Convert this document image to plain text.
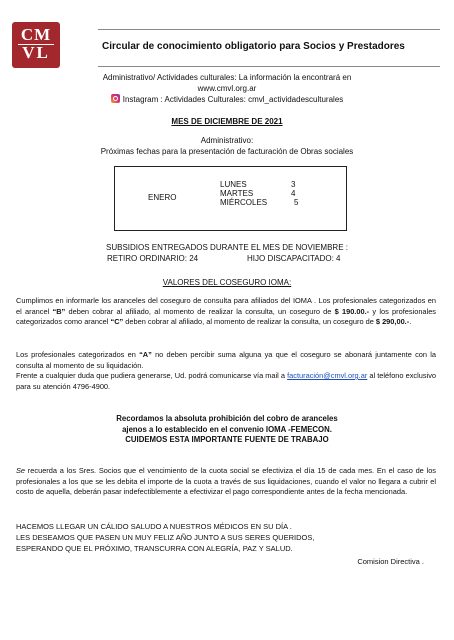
CM
VL	Circular de conocimiento obligatorio para Socios y Prestadores
Administrativo/ Actividades culturales: La información la encontrará en
www.cmvl.org.ar
Instagram : Actividades Culturales: cmvl_actividadesculturales
MES DE DICIEMBRE DE 2021
Administrativo:
Próximas fechas para la presentación de facturación de Obras sociales
ENERO
LUNES	3
MARTES	4
MIÉRCOLES	5
SUBSIDIOS ENTREGADOS DURANTE EL MES DE NOVIEMBRE :
RETIRO ORDINARIO: 24	HIJO DISCAPACITADO: 4
VALORES DEL COSEGURO IOMA:
Cumplimos en informarle los aranceles del coseguro de consulta para afiliados del IOMA . Los profesionales categorizados en el arancel “B” deben cobrar al afiliado, al momento de realizar la consulta, un coseguro de $ 190.00.- y los profesionales categorizados como arancel “C” deben cobrar al afiliado, al momento de realizar la consulta, un coseguro de $ 290,00.-.
Los profesionales categorizados en “A” no deben percibir suma alguna ya que el coseguro se abonará juntamente con la consulta al momento de su liquidación.
Frente a cualquier duda que pudiera generarse, Ud. podrá comunicarse vía mail a facturación@cmvl.org.ar al teléfono exclusivo para su atención 4796-4900.
Recordamos la absoluta prohibición del cobro de aranceles
ajenos a lo establecido en el convenio IOMA -FEMECON.
CUIDEMOS ESTA IMPORTANTE FUENTE DE TRABAJO
Se recuerda a los Sres. Socios que el vencimiento de la cuota social se efectiviza el día 15 de cada mes. En el caso de los profesionales a los que se les debita el importe de la cuota a través de sus liquidaciones, cuando el valor no llegara a cubrir el costo de aquella, deberán pasar indefectiblemente a efectivizar el pago correspondiente antes de la fecha mencionada.
HACEMOS LLEGAR UN CÁLIDO SALUDO A NUESTROS MÉDICOS EN SU DÍA .
LES DESEAMOS QUE PASEN UN MUY FELIZ AÑO JUNTO A SUS SERES QUERIDOS,
ESPERANDO QUE EL PRÓXIMO, TRANSCURRA CON ALEGRÍA, PAZ Y SALUD.
Comision Directiva .
